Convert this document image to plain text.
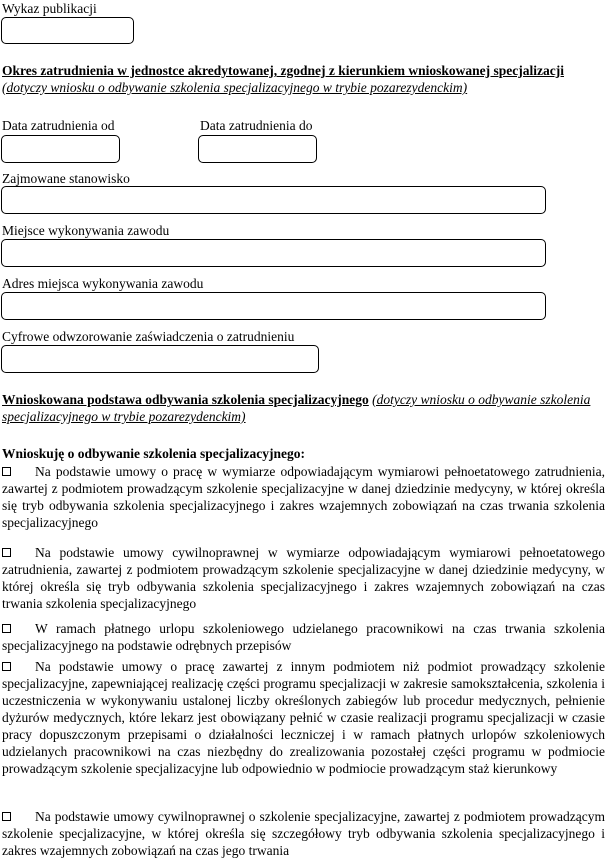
Wykaz publikacji
Okres zatrudnienia w jednostce akredytowanej, zgodnej z kierunkiem wnioskowanej specjalizacji (dotyczy wniosku o odbywanie szkolenia specjalizacyjnego w trybie pozarezydenckim)
Data zatrudnienia od	Data zatrudnienia do
Zajmowane stanowisko
Miejsce wykonywania zawodu
Adres miejsca wykonywania zawodu
Cyfrowe odwzorowanie zaświadczenia o zatrudnieniu
Wnioskowana podstawa odbywania szkolenia specjalizacyjnego (dotyczy wniosku o odbywanie szkolenia specjalizacyjnego w trybie pozarezydenckim)
Wnioskuję o odbywanie szkolenia specjalizacyjnego:
Na podstawie umowy o pracę w wymiarze odpowiadającym wymiarowi pełnoetatowego zatrudnienia, zawartej z podmiotem prowadzącym szkolenie specjalizacyjne w danej dziedzinie medycyny, w której określa się tryb odbywania szkolenia specjalizacyjnego i zakres wzajemnych zobowiązań na czas trwania szkolenia specjalizacyjnego
Na podstawie umowy cywilnoprawnej w wymiarze odpowiadającym wymiarowi pełnoetatowego zatrudnienia, zawartej z podmiotem prowadzącym szkolenie specjalizacyjne w danej dziedzinie medycyny, w której określa się tryb odbywania szkolenia specjalizacyjnego i zakres wzajemnych zobowiązań na czas trwania szkolenia specjalizacyjnego
W ramach płatnego urlopu szkoleniowego udzielanego pracownikowi na czas trwania szkolenia specjalizacyjnego na podstawie odrębnych przepisów
Na podstawie umowy o pracę zawartej z innym podmiotem niż podmiot prowadzący szkolenie specjalizacyjne, zapewniającej realizację części programu specjalizacji w zakresie samokształcenia, szkolenia i uczestniczenia w wykonywaniu ustalonej liczby określonych zabiegów lub procedur medycznych, pełnienie dyżurów medycznych, które lekarz jest obowiązany pełnić w czasie realizacji programu specjalizacji w czasie pracy dopuszczonym przepisami o działalności leczniczej i w ramach płatnych urlopów szkoleniowych udzielanych pracownikowi na czas niezbędny do zrealizowania pozostałej części programu w podmiocie prowadzącym szkolenie specjalizacyjne lub odpowiednio w podmiocie prowadzącym staż kierunkowy
Na podstawie umowy cywilnoprawnej o szkolenie specjalizacyjne, zawartej z podmiotem prowadzącym szkolenie specjalizacyjne, w której określa się szczegółowy tryb odbywania szkolenia specjalizacyjnego i zakres wzajemnych zobowiązań na czas jego trwania
